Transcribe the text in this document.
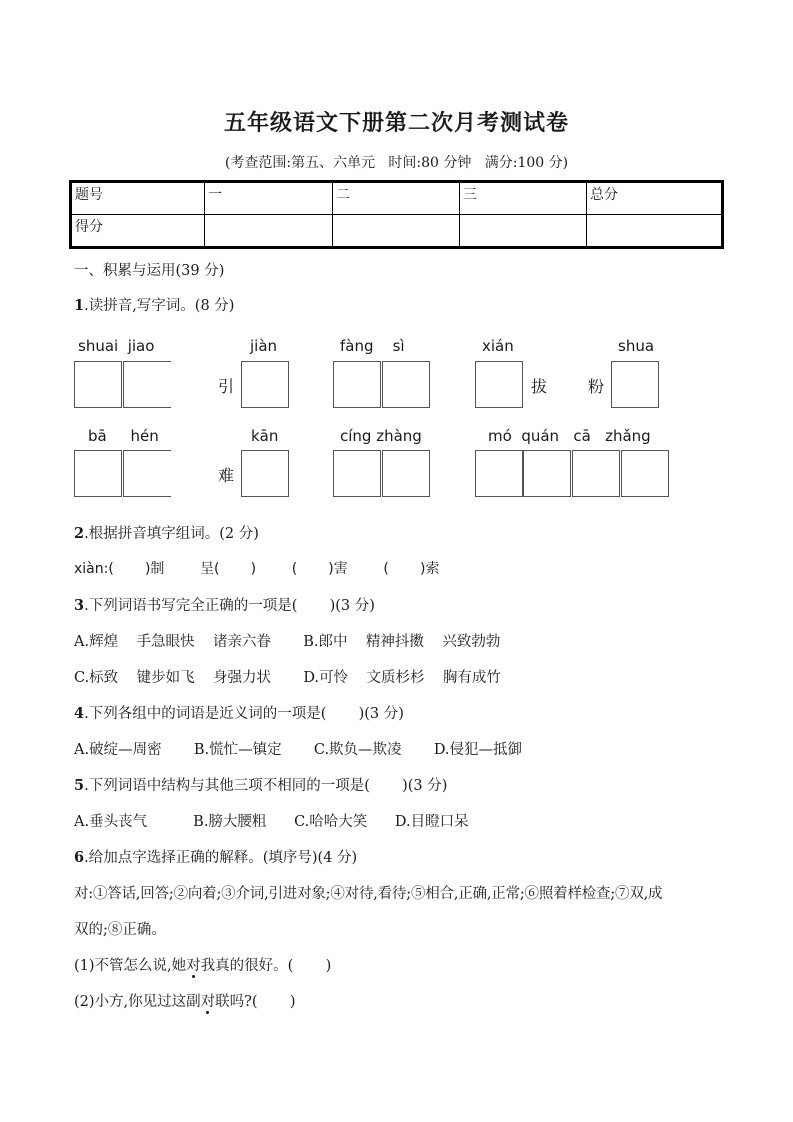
五年级语文下册第二次月考测试卷
(考查范围:第五、六单元   时间:80 分钟   满分:100 分)
题号	一	二	三	总分
得分				
一、积累与运用(39 分)
1.读拼音,写字词。(8 分)
shuai  jiao	jiàn	fàng    sì	xián	shua
引	拔	粉
bā     hén	kān	cíng zhàng	mó  quán   cā   zhǎng
难
2.根据拼音填字组词。(2 分)
xiàn:(       )制        呈(       )        (       )害        (       )索
3.下列词语书写完全正确的一项是(       )(3 分)
A.辉煌    手急眼快    诸亲六眷       B.郎中    精神抖擞    兴致勃勃
C.标致    键步如飞    身强力状       D.可怜    文质杉杉    胸有成竹
4.下列各组中的词语是近义词的一项是(       )(3 分)
A.破绽—周密       B.慌忙—镇定       C.欺负—欺凌       D.侵犯—抵御
5.下列词语中结构与其他三项不相同的一项是(       )(3 分)
A.垂头丧气          B.膀大腰粗      C.哈哈大笑      D.目瞪口呆
6.给加点字选择正确的解释。(填序号)(4 分)
对:①答话,回答;②向着;③介词,引进对象;④对待,看待;⑤相合,正确,正常;⑥照着样检查;⑦双,成
双的;⑧正确。
(1)不管怎么说,她对我真的很好。(       )
(2)小方,你见过这副对联吗?(       )
